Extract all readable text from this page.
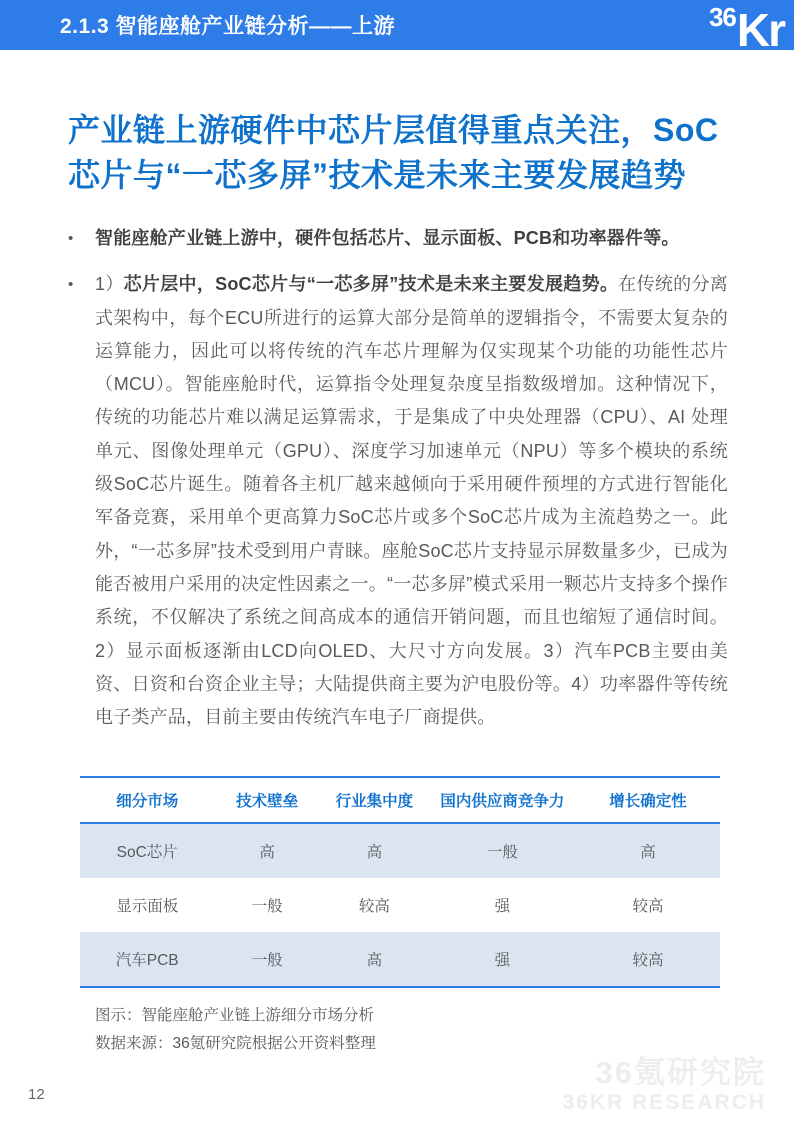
2.1.3 智能座舱产业链分析——上游	36 Kr
产业链上游硬件中芯片层值得重点关注，SoC
芯片与“一芯多屏”技术是未来主要发展趋势
•	智能座舱产业链上游中，硬件包括芯片、显示面板、PCB和功率器件等。
•	1）芯片层中，SoC芯片与“一芯多屏”技术是未来主要发展趋势。在传统的分离式架构中，每个ECU所进行的运算大部分是简单的逻辑指令，不需要太复杂的运算能力，因此可以将传统的汽车芯片理解为仅实现某个功能的功能性芯片（MCU）。智能座舱时代，运算指令处理复杂度呈指数级增加。这种情况下，传统的功能芯片难以满足运算需求，于是集成了中央处理器（CPU）、AI 处理单元、图像处理单元（GPU）、深度学习加速单元（NPU）等多个模块的系统级SoC芯片诞生。随着各主机厂越来越倾向于采用硬件预埋的方式进行智能化军备竞赛，采用单个更高算力SoC芯片或多个SoC芯片成为主流趋势之一。此外，“一芯多屏”技术受到用户青睐。座舱SoC芯片支持显示屏数量多少，已成为能否被用户采用的决定性因素之一。“一芯多屏”模式采用一颗芯片支持多个操作系统，不仅解决了系统之间高成本的通信开销问题，而且也缩短了通信时间。2）显示面板逐渐由LCD向OLED、大尺寸方向发展。3）汽车PCB主要由美资、日资和台资企业主导；大陆提供商主要为沪电股份等。4）功率器件等传统电子类产品，目前主要由传统汽车电子厂商提供。
细分市场	技术壁垒	行业集中度	国内供应商竞争力	增长确定性
SoC芯片	高	高	一般	高
显示面板	一般	较高	强	较高
汽车PCB	一般	高	强	较高
图示：智能座舱产业链上游细分市场分析
数据来源：36氪研究院根据公开资料整理
12
36氪研究院
36KR RESEARCH
